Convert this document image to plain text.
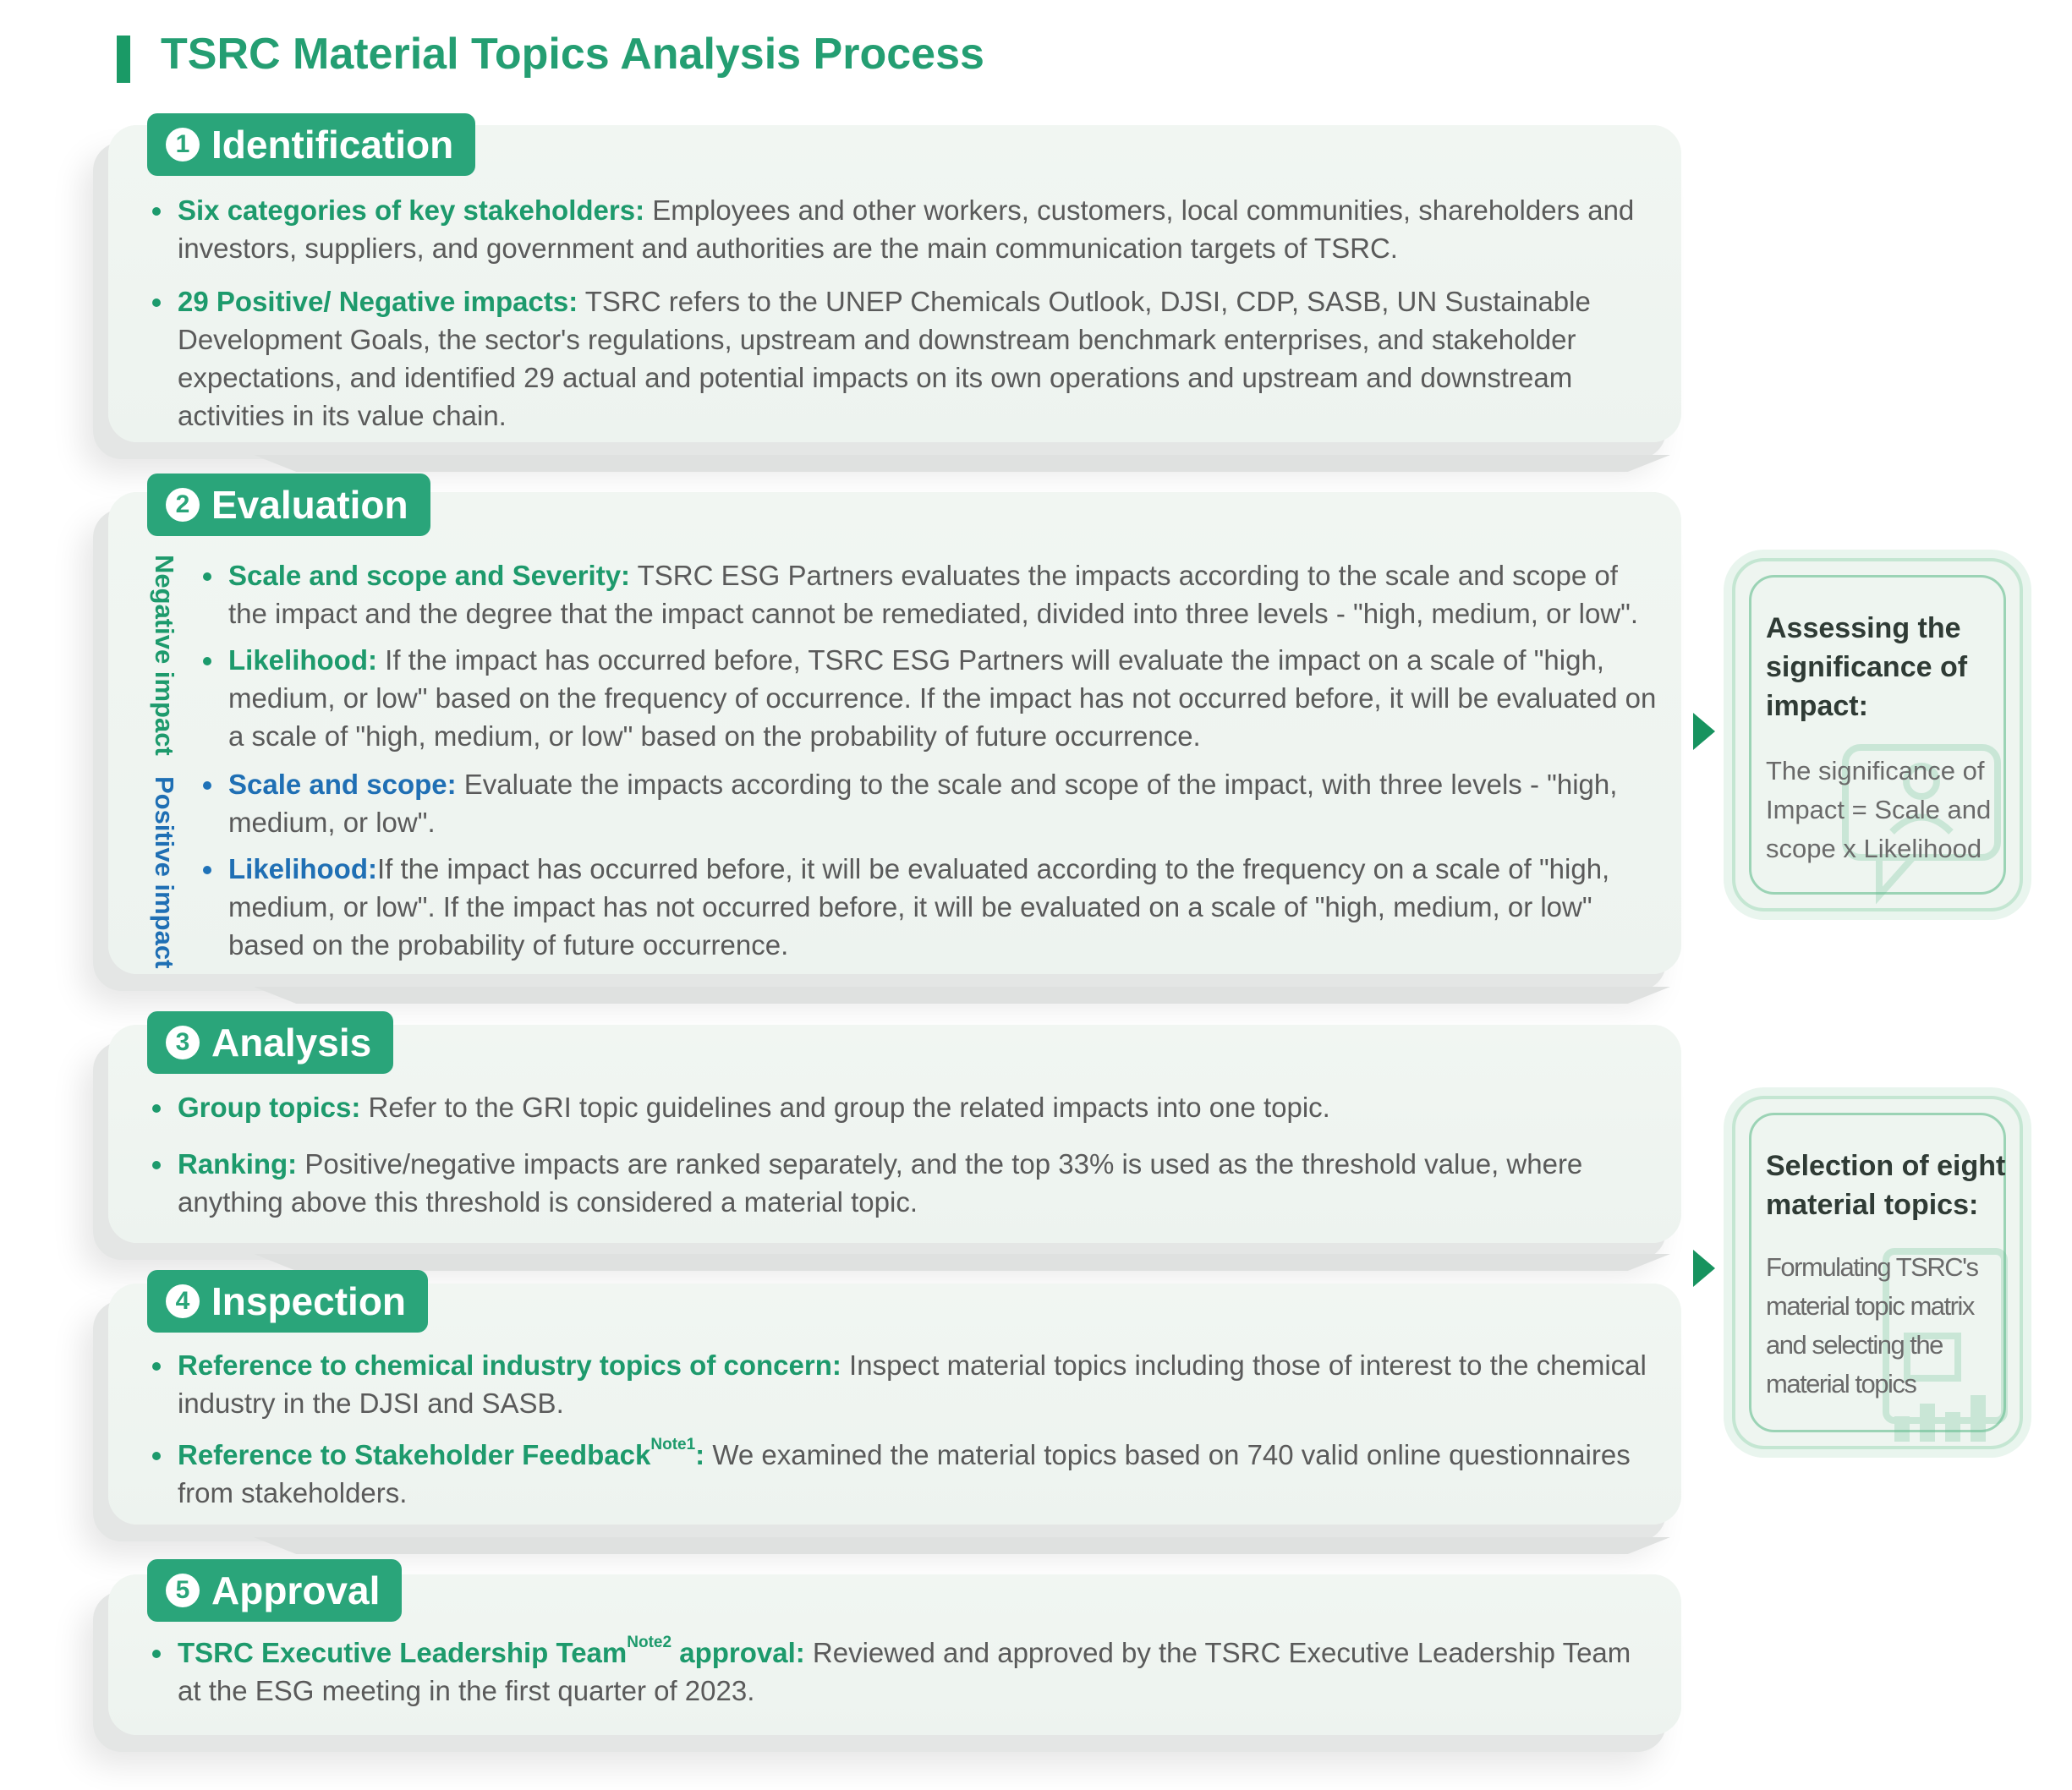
TSRC Material Topics Analysis Process
1 Identification
Six categories of key stakeholders: Employees and other workers, customers, local communities, shareholders and investors, suppliers, and government and authorities are the main communication targets of TSRC.
29 Positive/ Negative impacts: TSRC refers to the UNEP Chemicals Outlook, DJSI, CDP, SASB, UN Sustainable Development Goals, the sector's regulations, upstream and downstream benchmark enterprises, and stakeholder expectations, and identified 29 actual and potential impacts on its own operations and upstream and downstream activities in its value chain.
2 Evaluation
Negative impact
Positive impact
Scale and scope and Severity: TSRC ESG Partners evaluates the impacts according to the scale and scope of the impact and the degree that the impact cannot be remediated, divided into three levels - "high, medium, or low".
Likelihood: If the impact has occurred before, TSRC ESG Partners will evaluate the impact on a scale of "high, medium, or low" based on the frequency of occurrence. If the impact has not occurred before, it will be evaluated on a scale of "high, medium, or low" based on the probability of future occurrence.
Scale and scope: Evaluate the impacts according to the scale and scope of the impact, with three levels - "high, medium, or low".
Likelihood:If the impact has occurred before, it will be evaluated according to the frequency on a scale of "high, medium, or low". If the impact has not occurred before, it will be evaluated on a scale of "high, medium, or low" based on the probability of future occurrence.
3 Analysis
Group topics: Refer to the GRI topic guidelines and group the related impacts into one topic.
Ranking: Positive/negative impacts are ranked separately, and the top 33% is used as the threshold value, where anything above this threshold is considered a material topic.
4 Inspection
Reference to chemical industry topics of concern: Inspect material topics including those of interest to the chemical industry in the DJSI and SASB.
Reference to Stakeholder Feedback$^{Note1}$: We examined the material topics based on 740 valid online questionnaires from stakeholders.
5 Approval
TSRC Executive Leadership Team$^{Note2}$ approval: Reviewed and approved by the TSRC Executive Leadership Team at the ESG meeting in the first quarter of 2023.
Assessing the significance of impact:
The significance of Impact = Scale and scope x Likelihood
Selection of eight material topics:
Formulating TSRC's material topic matrix and selecting the material topics
